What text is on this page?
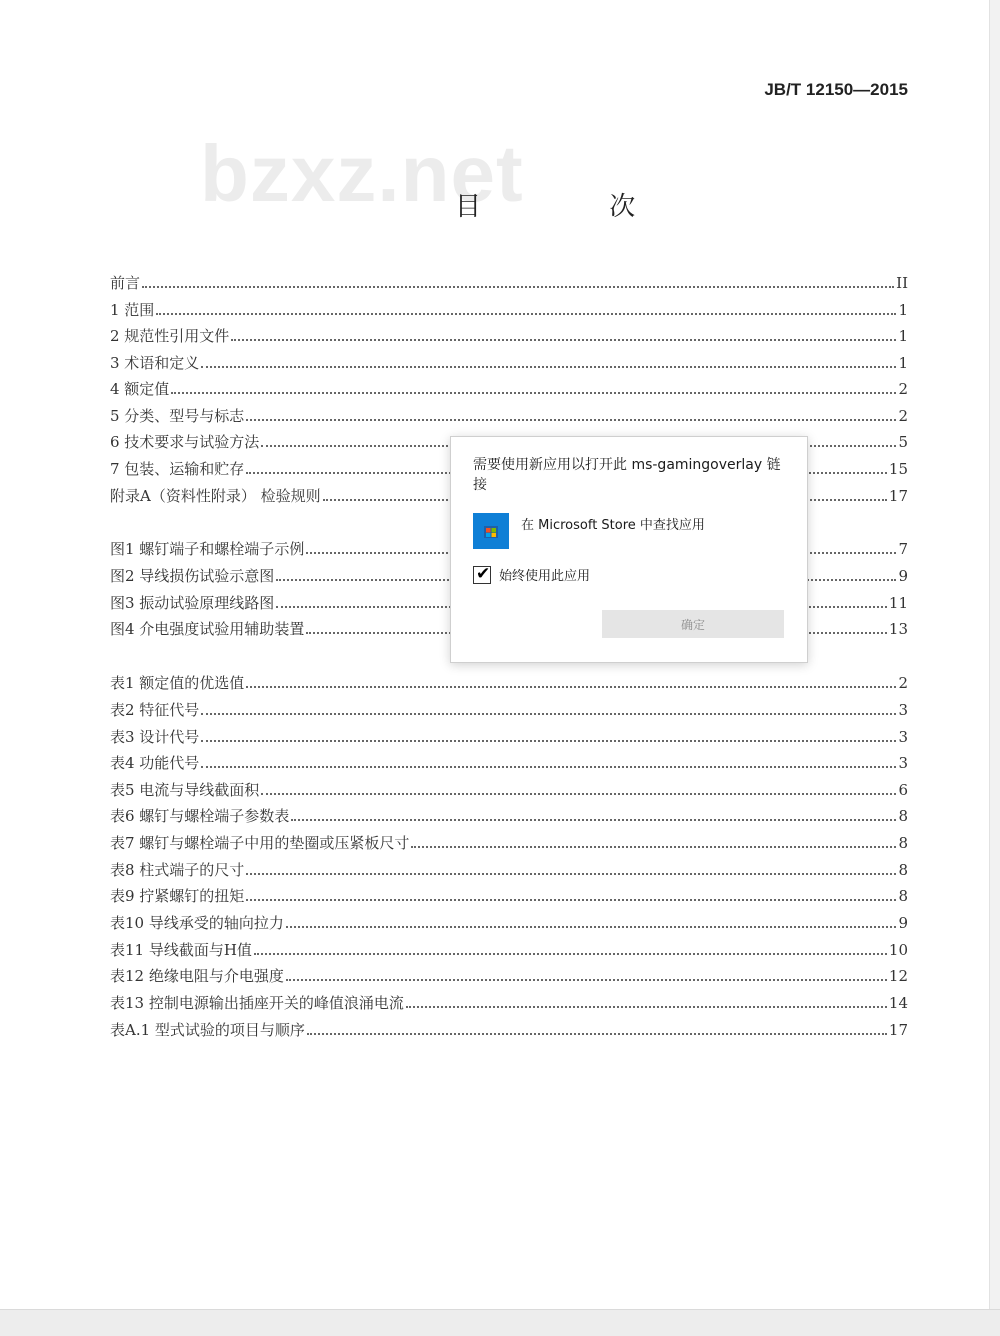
JB/T 12150—2015
bzxz.net
目 次
前言	II
1 范围	1
2 规范性引用文件	1
3 术语和定义	1
4 额定值	2
5 分类、型号与标志	2
6 技术要求与试验方法	5
7 包装、运输和贮存	15
附录A（资料性附录） 检验规则	17
图1 螺钉端子和螺栓端子示例	7
图2 导线损伤试验示意图	9
图3 振动试验原理线路图	11
图4 介电强度试验用辅助装置	13
表1 额定值的优选值	2
表2 特征代号	3
表3 设计代号	3
表4 功能代号	3
表5 电流与导线截面积	6
表6 螺钉与螺栓端子参数表	8
表7 螺钉与螺栓端子中用的垫圈或压紧板尺寸	8
表8 柱式端子的尺寸	8
表9 拧紧螺钉的扭矩	8
表10 导线承受的轴向拉力	9
表11 导线截面与H值	10
表12 绝缘电阻与介电强度	12
表13 控制电源输出插座开关的峰值浪涌电流	14
表A.1 型式试验的项目与顺序	17
需要使用新应用以打开此 ms-gamingoverlay 链接
在 Microsoft Store 中查找应用
✔ 始终使用此应用
确定
